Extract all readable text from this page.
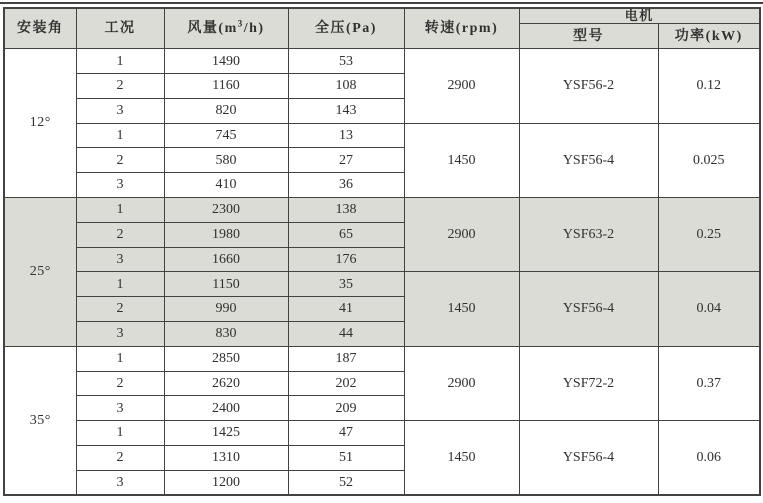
安装角	工况	风量$(m^3/h)$	全压(Pa)	转速(rpm)	电机	
					型号	功率(kW)
12°	1	1490	53	2900	YSF56-2	0.12
	2	1160	108			
	3	820	143			
	1	745	13	1450	YSF56-4	0.025
	2	580	27			
	3	410	36			
25°	1	2300	138	2900	YSF63-2	0.25
	2	1980	65			
	3	1660	176			
	1	1150	35	1450	YSF56-4	0.04
	2	990	41			
	3	830	44			
35°	1	2850	187	2900	YSF72-2	0.37
	2	2620	202			
	3	2400	209			
	1	1425	47	1450	YSF56-4	0.06
	2	1310	51			
	3	1200	52			
